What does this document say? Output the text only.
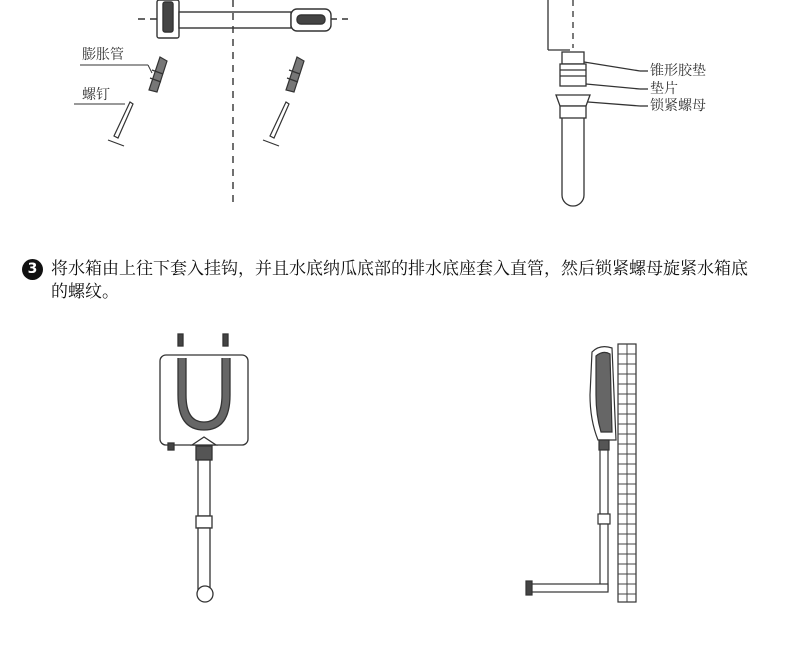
膨胀管
螺钉
锥形胶垫
垫片
锁紧螺母
3 将水箱由上往下套入挂钩，并且水底纳瓜底部的排水底座套入直管，然后锁紧螺母旋紧水箱底的螺纹。
